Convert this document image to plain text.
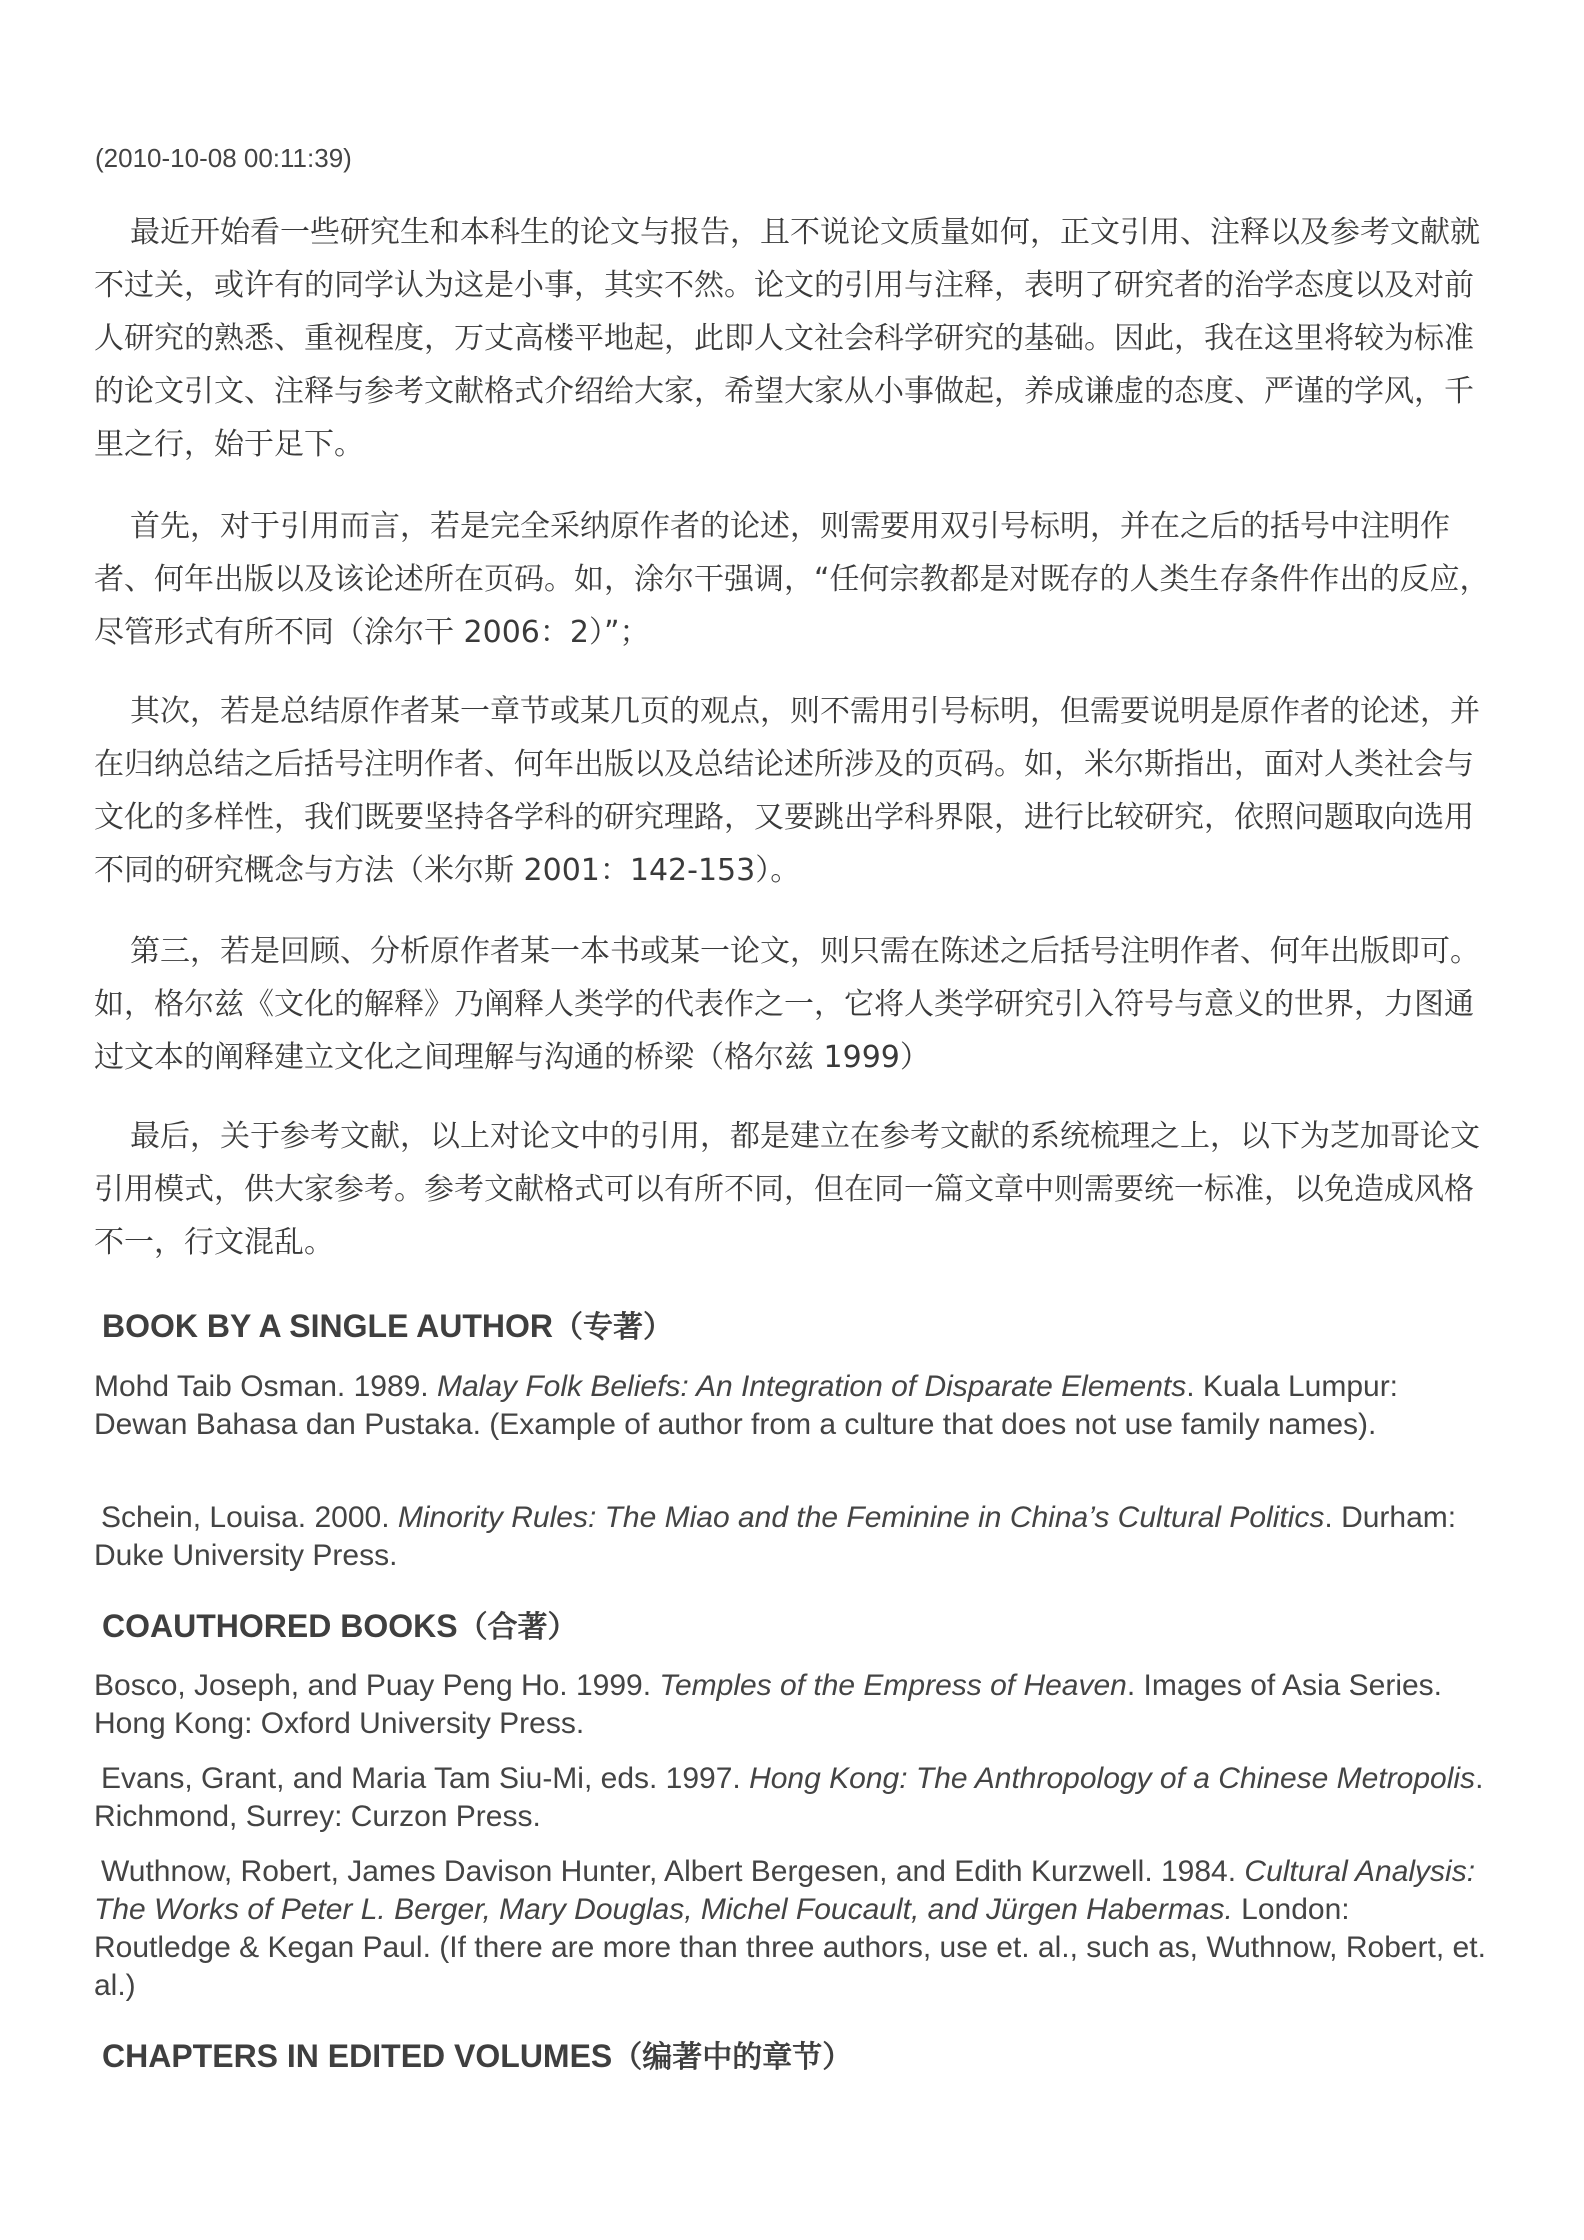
(2010-10-08 00:11:39)

最近开始看一些研究生和本科生的论文与报告，且不说论文质量如何，正文引用、注释以及参考文献就不过关，或许有的同学认为这是小事，其实不然。论文的引用与注释，表明了研究者的治学态度以及对前人研究的熟悉、重视程度，万丈高楼平地起，此即人文社会科学研究的基础。因此，我在这里将较为标准的论文引文、注释与参考文献格式介绍给大家，希望大家从小事做起，养成谦虚的态度、严谨的学风，千里之行，始于足下。

首先，对于引用而言，若是完全采纳原作者的论述，则需要用双引号标明，并在之后的括号中注明作者、何年出版以及该论述所在页码。如，涂尔干强调，“任何宗教都是对既存的人类生存条件作出的反应，尽管形式有所不同（涂尔干 2006：2）”；

其次，若是总结原作者某一章节或某几页的观点，则不需用引号标明，但需要说明是原作者的论述，并在归纳总结之后括号注明作者、何年出版以及总结论述所涉及的页码。如，米尔斯指出，面对人类社会与文化的多样性，我们既要坚持各学科的研究理路，又要跳出学科界限，进行比较研究，依照问题取向选用不同的研究概念与方法（米尔斯 2001：142-153）。

第三，若是回顾、分析原作者某一本书或某一论文，则只需在陈述之后括号注明作者、何年出版即可。如，格尔兹《文化的解释》乃阐释人类学的代表作之一，它将人类学研究引入符号与意义的世界，力图通过文本的阐释建立文化之间理解与沟通的桥梁（格尔兹 1999）

最后，关于参考文献，以上对论文中的引用，都是建立在参考文献的系统梳理之上，以下为芝加哥论文引用模式，供大家参考。参考文献格式可以有所不同，但在同一篇文章中则需要统一标准，以免造成风格不一，行文混乱。

BOOK BY A SINGLE AUTHOR（专著）

Mohd Taib Osman. 1989. Malay Folk Beliefs: An Integration of Disparate Elements. Kuala Lumpur: Dewan Bahasa dan Pustaka. (Example of author from a culture that does not use family names).

Schein, Louisa. 2000. Minority Rules: The Miao and the Feminine in China’s Cultural Politics. Durham: Duke University Press.

COAUTHORED BOOKS（合著）

Bosco, Joseph, and Puay Peng Ho. 1999. Temples of the Empress of Heaven. Images of Asia Series. Hong Kong: Oxford University Press.

Evans, Grant, and Maria Tam Siu-Mi, eds. 1997. Hong Kong: The Anthropology of a Chinese Metropolis. Richmond, Surrey: Curzon Press.

Wuthnow, Robert, James Davison Hunter, Albert Bergesen, and Edith Kurzwell. 1984. Cultural Analysis: The Works of Peter L. Berger, Mary Douglas, Michel Foucault, and Jürgen Habermas. London: Routledge & Kegan Paul. (If there are more than three authors, use et. al., such as, Wuthnow, Robert, et. al.)

CHAPTERS IN EDITED VOLUMES（编著中的章节）
